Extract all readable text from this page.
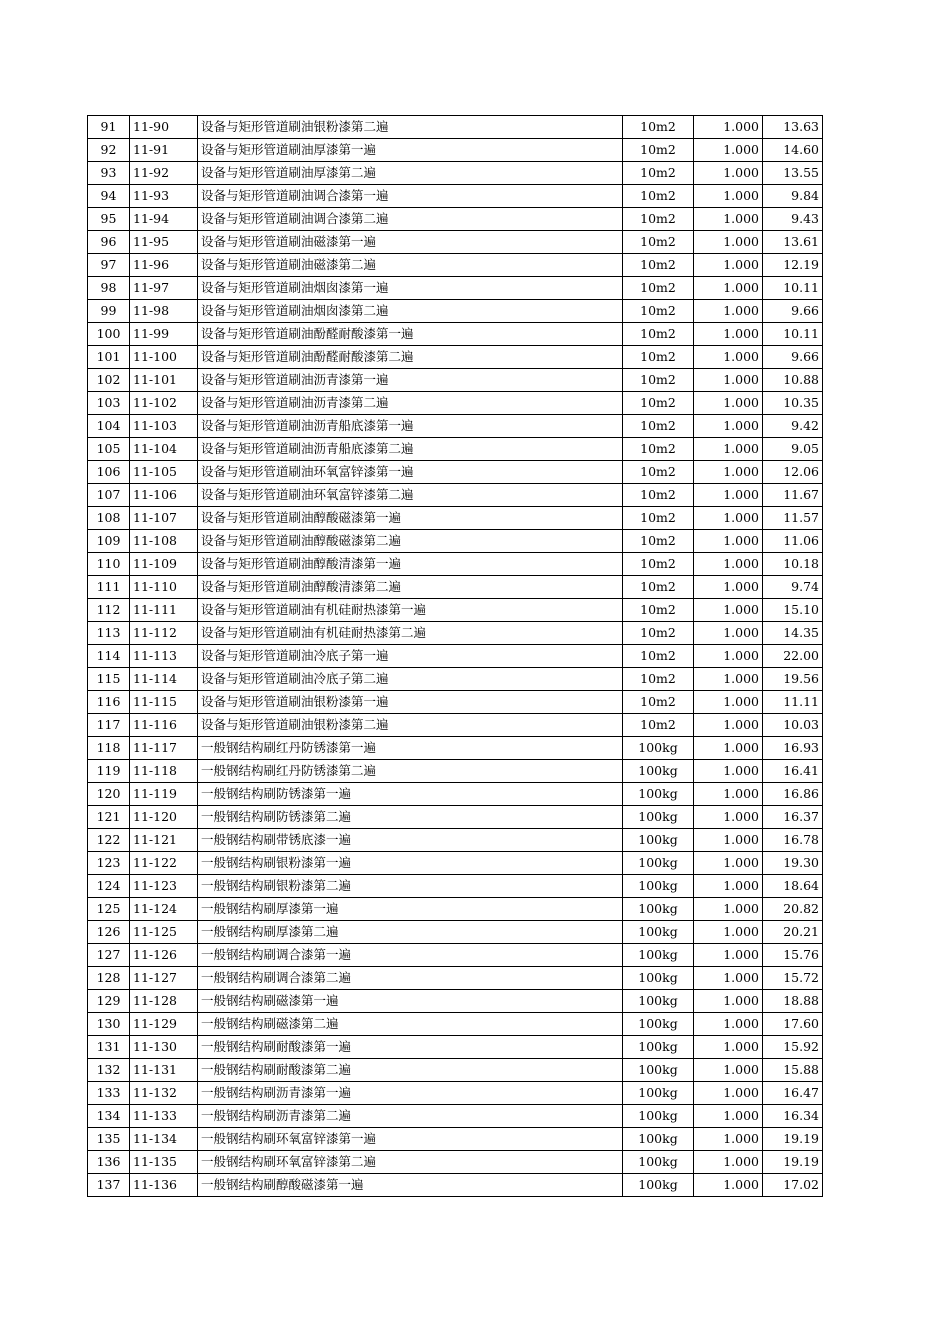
91	11-90	设备与矩形管道刷油银粉漆第二遍	10m2	1.000	13.63
92	11-91	设备与矩形管道刷油厚漆第一遍	10m2	1.000	14.60
93	11-92	设备与矩形管道刷油厚漆第二遍	10m2	1.000	13.55
94	11-93	设备与矩形管道刷油调合漆第一遍	10m2	1.000	9.84
95	11-94	设备与矩形管道刷油调合漆第二遍	10m2	1.000	9.43
96	11-95	设备与矩形管道刷油磁漆第一遍	10m2	1.000	13.61
97	11-96	设备与矩形管道刷油磁漆第二遍	10m2	1.000	12.19
98	11-97	设备与矩形管道刷油烟囱漆第一遍	10m2	1.000	10.11
99	11-98	设备与矩形管道刷油烟囱漆第二遍	10m2	1.000	9.66
100	11-99	设备与矩形管道刷油酚醛耐酸漆第一遍	10m2	1.000	10.11
101	11-100	设备与矩形管道刷油酚醛耐酸漆第二遍	10m2	1.000	9.66
102	11-101	设备与矩形管道刷油沥青漆第一遍	10m2	1.000	10.88
103	11-102	设备与矩形管道刷油沥青漆第二遍	10m2	1.000	10.35
104	11-103	设备与矩形管道刷油沥青船底漆第一遍	10m2	1.000	9.42
105	11-104	设备与矩形管道刷油沥青船底漆第二遍	10m2	1.000	9.05
106	11-105	设备与矩形管道刷油环氧富锌漆第一遍	10m2	1.000	12.06
107	11-106	设备与矩形管道刷油环氧富锌漆第二遍	10m2	1.000	11.67
108	11-107	设备与矩形管道刷油醇酸磁漆第一遍	10m2	1.000	11.57
109	11-108	设备与矩形管道刷油醇酸磁漆第二遍	10m2	1.000	11.06
110	11-109	设备与矩形管道刷油醇酸清漆第一遍	10m2	1.000	10.18
111	11-110	设备与矩形管道刷油醇酸清漆第二遍	10m2	1.000	9.74
112	11-111	设备与矩形管道刷油有机硅耐热漆第一遍	10m2	1.000	15.10
113	11-112	设备与矩形管道刷油有机硅耐热漆第二遍	10m2	1.000	14.35
114	11-113	设备与矩形管道刷油冷底子第一遍	10m2	1.000	22.00
115	11-114	设备与矩形管道刷油冷底子第二遍	10m2	1.000	19.56
116	11-115	设备与矩形管道刷油银粉漆第一遍	10m2	1.000	11.11
117	11-116	设备与矩形管道刷油银粉漆第二遍	10m2	1.000	10.03
118	11-117	一般钢结构刷红丹防锈漆第一遍	100kg	1.000	16.93
119	11-118	一般钢结构刷红丹防锈漆第二遍	100kg	1.000	16.41
120	11-119	一般钢结构刷防锈漆第一遍	100kg	1.000	16.86
121	11-120	一般钢结构刷防锈漆第二遍	100kg	1.000	16.37
122	11-121	一般钢结构刷带锈底漆一遍	100kg	1.000	16.78
123	11-122	一般钢结构刷银粉漆第一遍	100kg	1.000	19.30
124	11-123	一般钢结构刷银粉漆第二遍	100kg	1.000	18.64
125	11-124	一般钢结构刷厚漆第一遍	100kg	1.000	20.82
126	11-125	一般钢结构刷厚漆第二遍	100kg	1.000	20.21
127	11-126	一般钢结构刷调合漆第一遍	100kg	1.000	15.76
128	11-127	一般钢结构刷调合漆第二遍	100kg	1.000	15.72
129	11-128	一般钢结构刷磁漆第一遍	100kg	1.000	18.88
130	11-129	一般钢结构刷磁漆第二遍	100kg	1.000	17.60
131	11-130	一般钢结构刷耐酸漆第一遍	100kg	1.000	15.92
132	11-131	一般钢结构刷耐酸漆第二遍	100kg	1.000	15.88
133	11-132	一般钢结构刷沥青漆第一遍	100kg	1.000	16.47
134	11-133	一般钢结构刷沥青漆第二遍	100kg	1.000	16.34
135	11-134	一般钢结构刷环氧富锌漆第一遍	100kg	1.000	19.19
136	11-135	一般钢结构刷环氧富锌漆第二遍	100kg	1.000	19.19
137	11-136	一般钢结构刷醇酸磁漆第一遍	100kg	1.000	17.02
